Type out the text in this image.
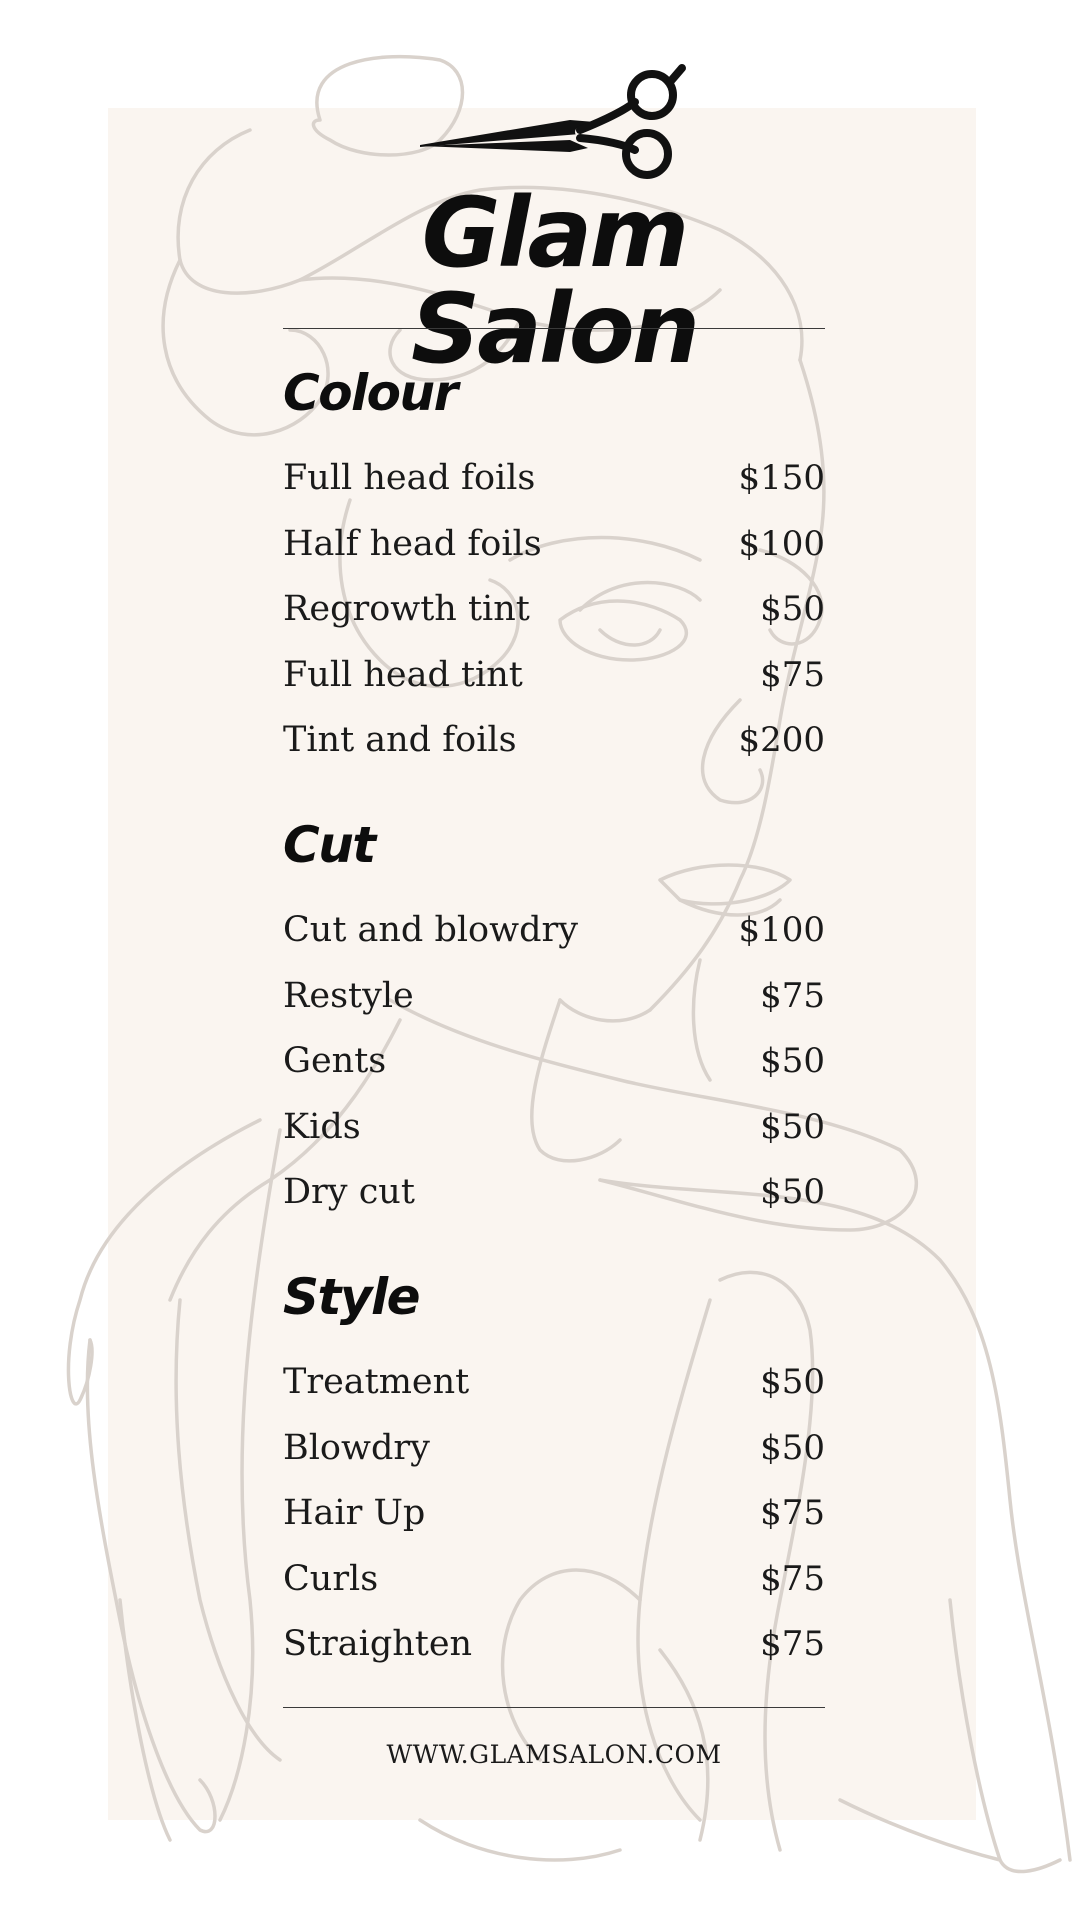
Glam Salon
Colour
Full head foils	$150
Half head foils	$100
Regrowth tint	$50
Full head tint	$75
Tint and foils	$200
Cut
Cut and blowdry	$100
Restyle	$75
Gents	$50
Kids	$50
Dry cut	$50
Style
Treatment	$50
Blowdry	$50
Hair Up	$75
Curls	$75
Straighten	$75
WWW.GLAMSALON.COM
